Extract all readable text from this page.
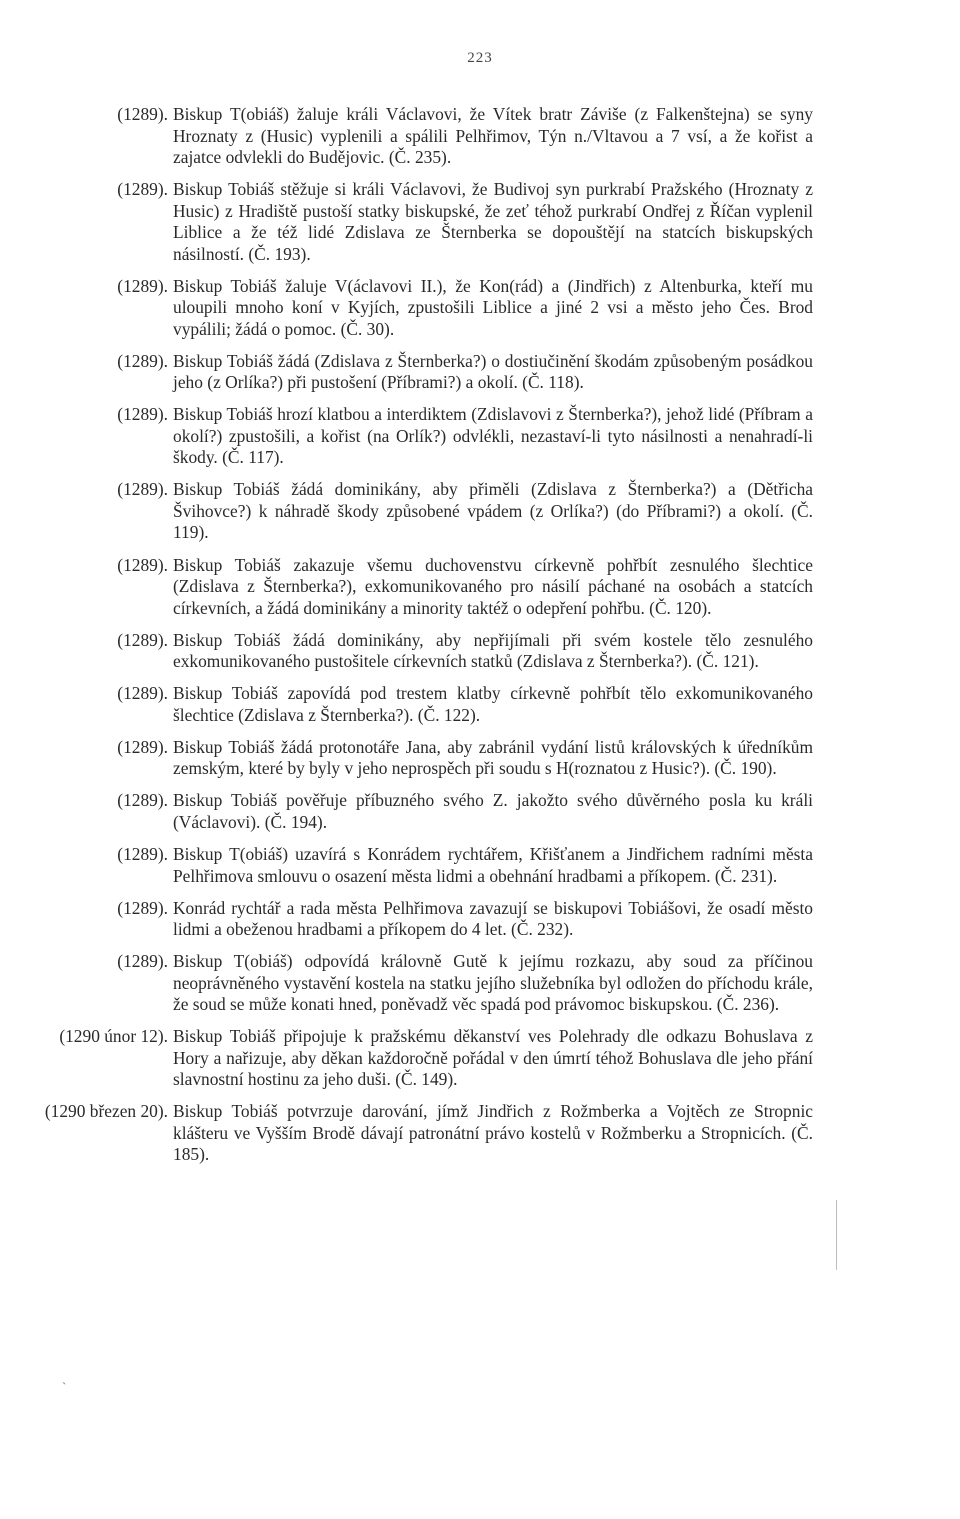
223
(1289). Biskup T(obiáš) žaluje králi Václavovi, že Vítek bratr Záviše (z Falkenštejna) se syny Hroznaty z (Husic) vyplenili a spálili Pelhřimov, Týn n./Vltavou a 7 vsí, a že kořist a zajatce odvlekli do Budějovic. (Č. 235).
(1289). Biskup Tobiáš stěžuje si králi Václavovi, že Budivoj syn purkrabí Pražského (Hroznaty z Husic) z Hradiště pustoší statky biskupské, že zeť téhož purkrabí Ondřej z Říčan vyplenil Liblice a že též lidé Zdislava ze Šternberka se dopouštějí na statcích biskupských násilností. (Č. 193).
(1289). Biskup Tobiáš žaluje V(áclavovi II.), že Kon(rád) a (Jindřich) z Altenburka, kteří mu uloupili mnoho koní v Kyjích, zpustošili Liblice a jiné 2 vsi a město jeho Čes. Brod vypálili; žádá o pomoc. (Č. 30).
(1289). Biskup Tobiáš žádá (Zdislava z Šternberka?) o dostiučinění škodám způsobeným posádkou jeho (z Orlíka?) při pustošení (Příbrami?) a okolí. (Č. 118).
(1289). Biskup Tobiáš hrozí klatbou a interdiktem (Zdislavovi z Šternberka?), jehož lidé (Příbram a okolí?) zpustošili, a kořist (na Orlík?) odvlékli, nezastaví-li tyto násilnosti a nenahradí-li škody. (Č. 117).
(1289). Biskup Tobiáš žádá dominikány, aby přiměli (Zdislava z Šternberka?) a (Dětřicha Švihovce?) k náhradě škody způsobené vpádem (z Orlíka?) (do Příbrami?) a okolí. (Č. 119).
(1289). Biskup Tobiáš zakazuje všemu duchovenstvu církevně pohřbít zesnulého šlechtice (Zdislava z Šternberka?), exkomunikovaného pro násilí páchané na osobách a statcích církevních, a žádá dominikány a minority taktéž o odepření pohřbu. (Č. 120).
(1289). Biskup Tobiáš žádá dominikány, aby nepřijímali při svém kostele tělo zesnulého exkomunikovaného pustošitele církevních statků (Zdislava z Šternberka?). (Č. 121).
(1289). Biskup Tobiáš zapovídá pod trestem klatby církevně pohřbít tělo exkomunikovaného šlechtice (Zdislava z Šternberka?). (Č. 122).
(1289). Biskup Tobiáš žádá protonotáře Jana, aby zabránil vydání listů královských k úředníkům zemským, které by byly v jeho neprospěch při soudu s H(roznatou z Husic?). (Č. 190).
(1289). Biskup Tobiáš pověřuje příbuzného svého Z. jakožto svého důvěrného posla ku králi (Václavovi). (Č. 194).
(1289). Biskup T(obiáš) uzavírá s Konrádem rychtářem, Křišťanem a Jindřichem radními města Pelhřimova smlouvu o osazení města lidmi a obehnání hradbami a příkopem. (Č. 231).
(1289). Konrád rychtář a rada města Pelhřimova zavazují se biskupovi Tobiášovi, že osadí město lidmi a obeženou hradbami a příkopem do 4 let. (Č. 232).
(1289). Biskup T(obiáš) odpovídá královně Gutě k jejímu rozkazu, aby soud za příčinou neoprávněného vystavění kostela na statku jejího služebníka byl odložen do příchodu krále, že soud se může konati hned, poněvadž věc spadá pod právomoc biskupskou. (Č. 236).
(1290 únor 12). Biskup Tobiáš připojuje k pražskému děkanství ves Polehrady dle odkazu Bohuslava z Hory a nařizuje, aby děkan každoročně pořádal v den úmrtí téhož Bohuslava dle jeho přání slavnostní hostinu za jeho duši. (Č. 149).
(1290 březen 20). Biskup Tobiáš potvrzuje darování, jímž Jindřich z Rožmberka a Vojtěch ze Stropnic klášteru ve Vyšším Brodě dávají patronátní právo kostelů v Rožmberku a Stropnicích. (Č. 185).
ˎ
